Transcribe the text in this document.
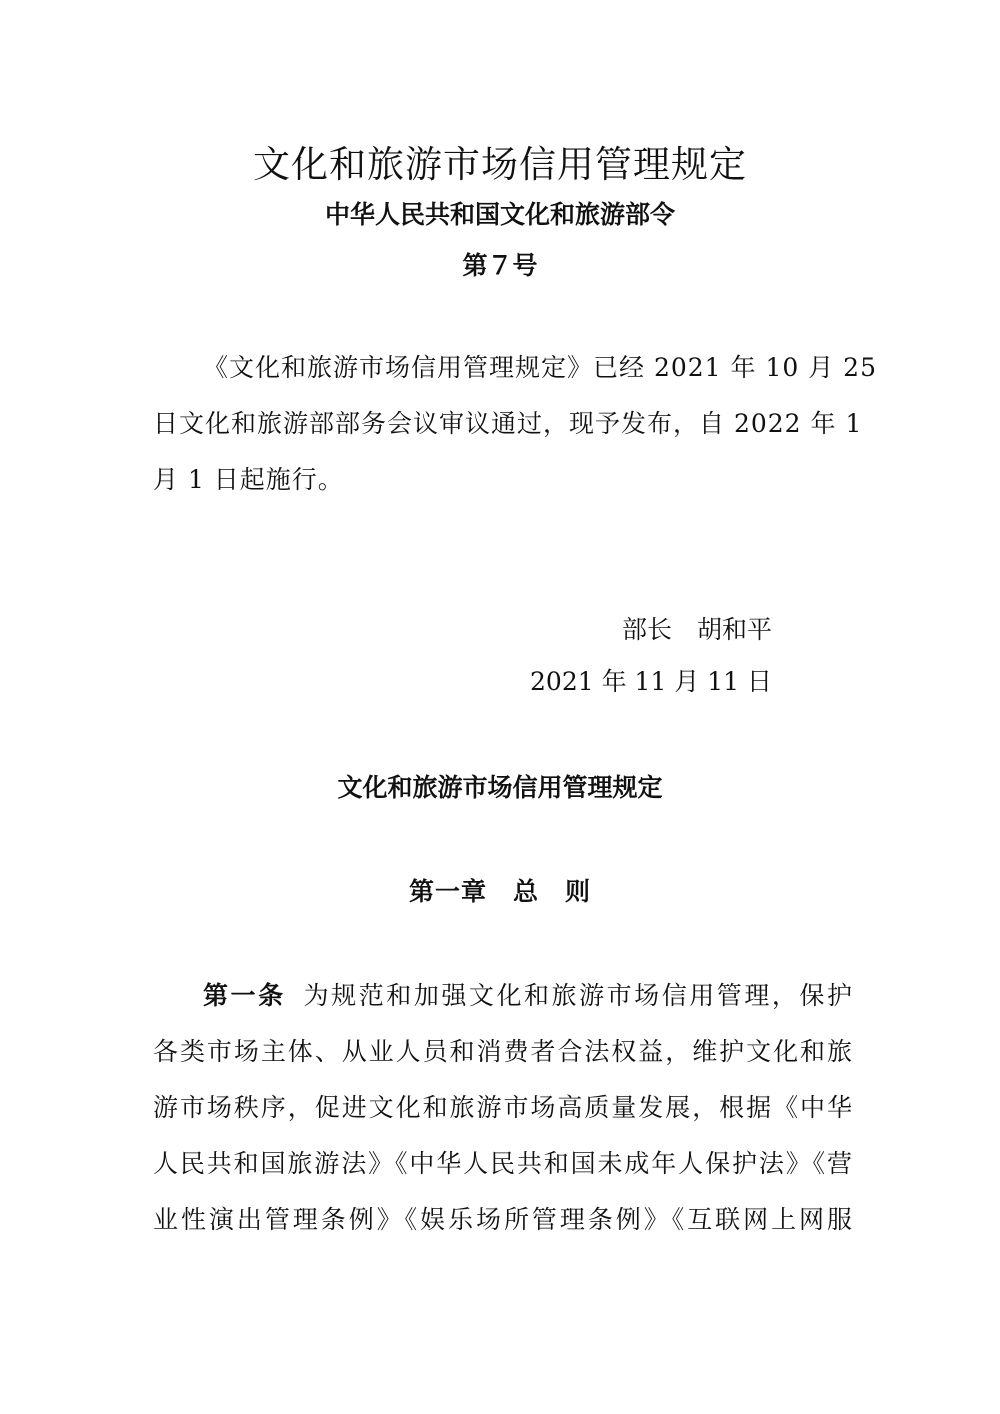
文化和旅游市场信用管理规定
中华人民共和国文化和旅游部令
第７号
《文化和旅游市场信用管理规定》已经 2021 年 10 月 25
日文化和旅游部部务会议审议通过，现予发布，自 2022 年 1
月 1 日起施行。
部长　胡和平
2021 年 11 月 11 日
文化和旅游市场信用管理规定
第一章　总　则
第一条 为规范和加强文化和旅游市场信用管理，保护
各类市场主体、从业人员和消费者合法权益，维护文化和旅
游市场秩序，促进文化和旅游市场高质量发展，根据《中华
人民共和国旅游法》《中华人民共和国未成年人保护法》《营
业性演出管理条例》《娱乐场所管理条例》《互联网上网服
